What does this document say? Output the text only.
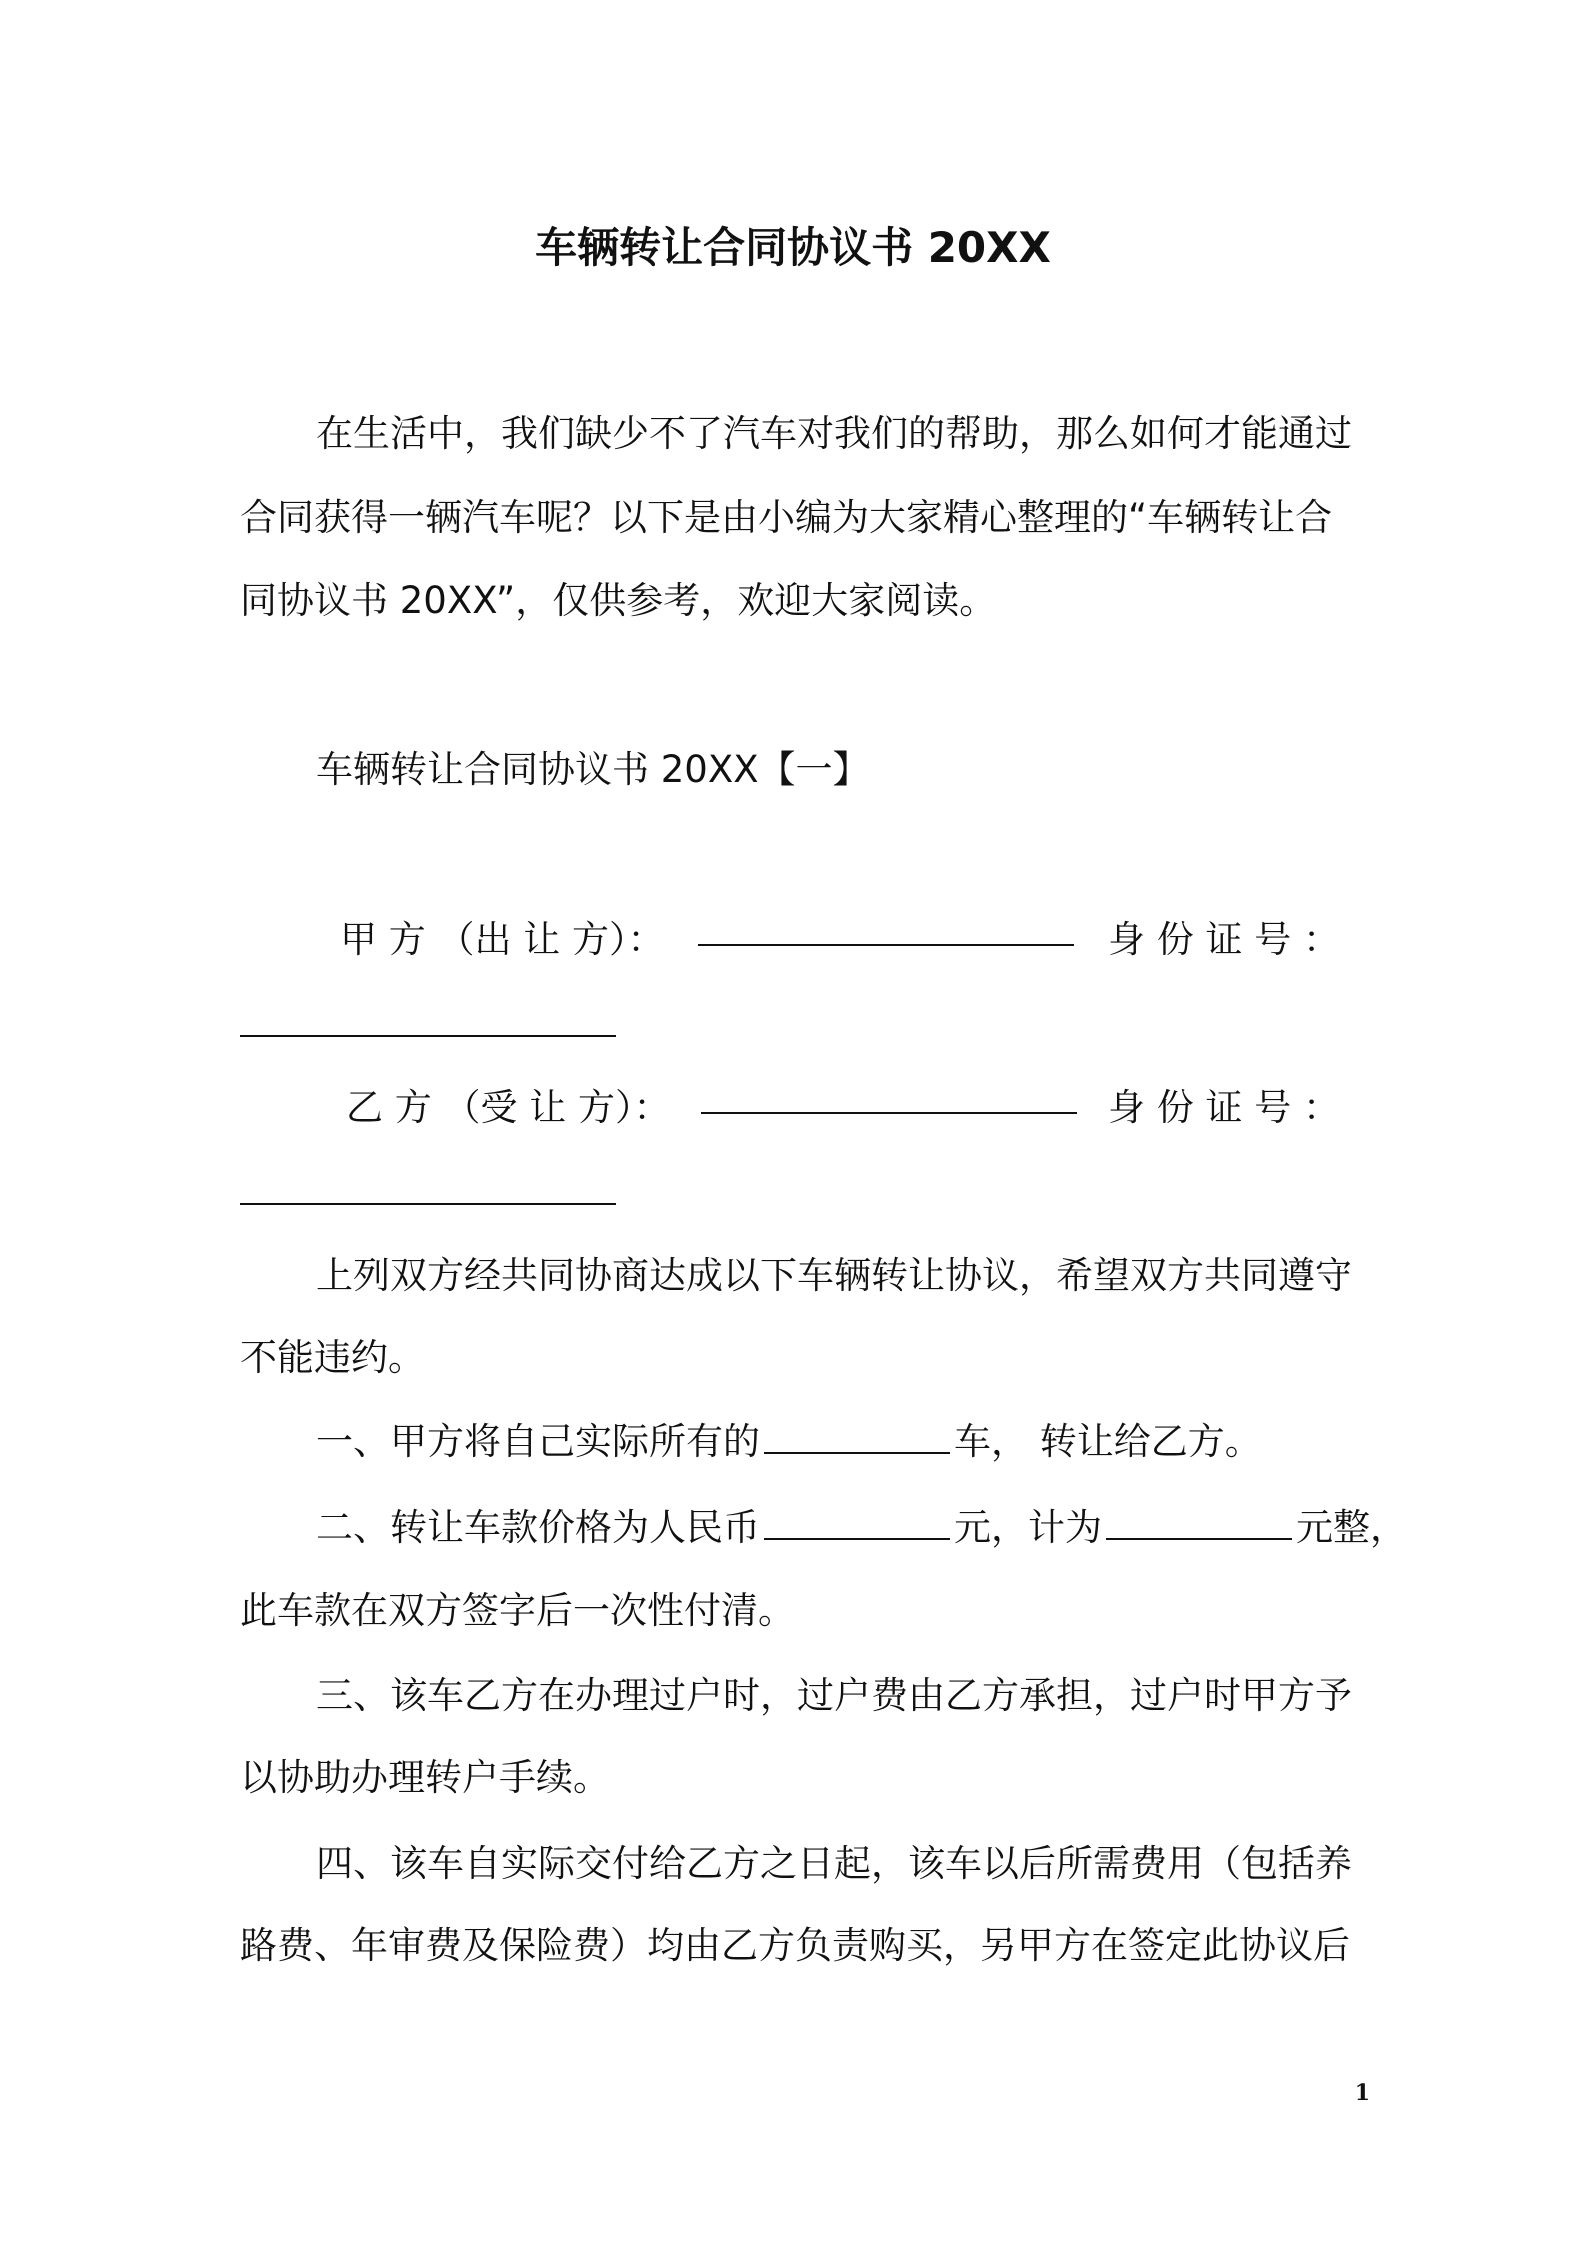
车辆转让合同协议书 20XX
在生活中，我们缺少不了汽车对我们的帮助，那么如何才能通过
合同获得一辆汽车呢？以下是由小编为大家精心整理的“车辆转让合
同协议书 20XX”，仅供参考，欢迎大家阅读。
车辆转让合同协议书 20XX【一】
甲 方 （出 让 方）：	身 份 证 号 ：
乙 方 （受 让 方）：	身 份 证 号 ：
上列双方经共同协商达成以下车辆转让协议，希望双方共同遵守
不能违约。
一、甲方将自己实际所有的	车， 转让给乙方。
二、转让车款价格为人民币	元，计为	元整，
此车款在双方签字后一次性付清。
三、该车乙方在办理过户时，过户费由乙方承担，过户时甲方予
以协助办理转户手续。
四、该车自实际交付给乙方之日起，该车以后所需费用（包括养
路费、年审费及保险费）均由乙方负责购买，另甲方在签定此协议后
1
